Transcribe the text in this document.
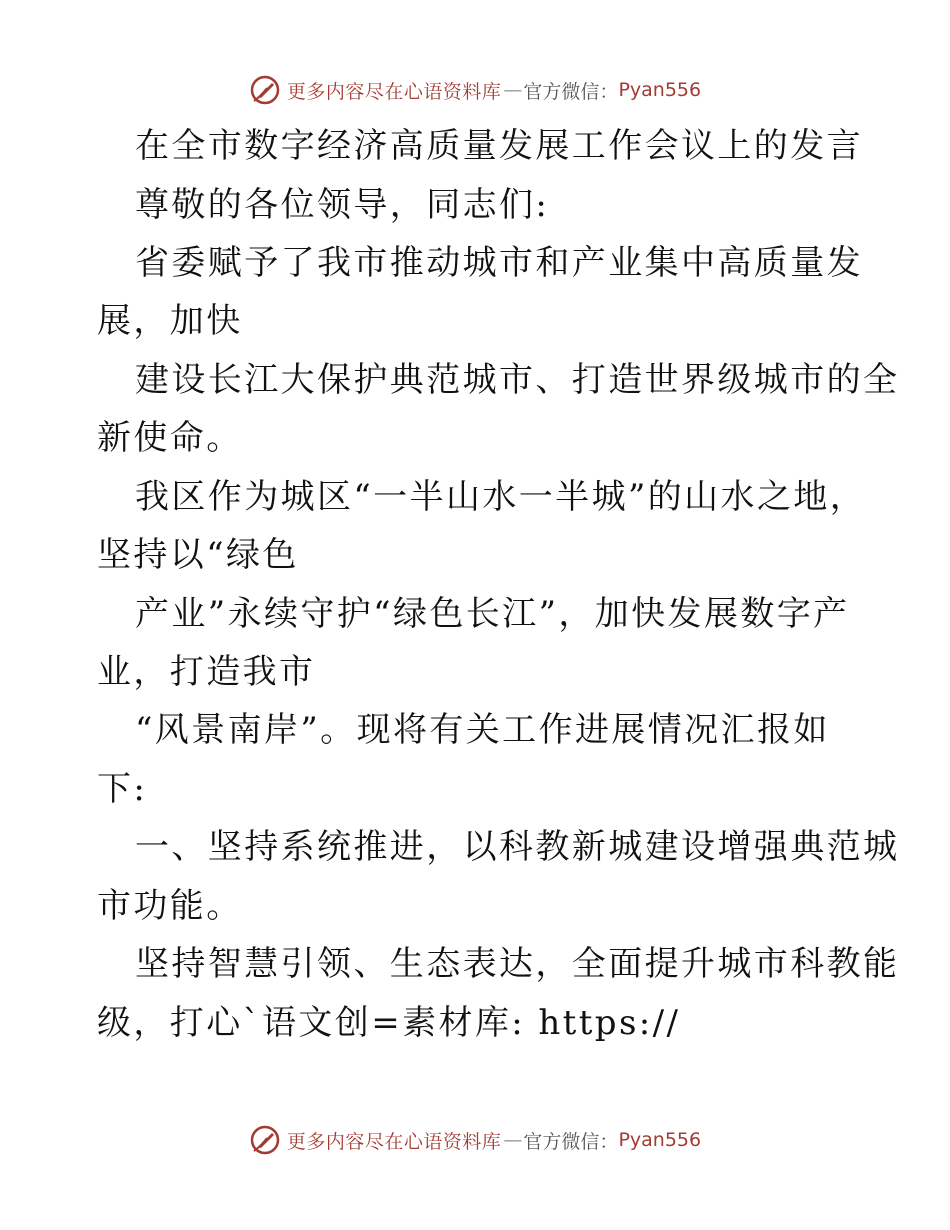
更多内容尽在心语资料库 — 官方微信： Pyan556
在全市数字经济高质量发展工作会议上的发言
尊敬的各位领导，同志们:
省委赋予了我市推动城市和产业集中高质量发
展，加快
建设长江大保护典范城市、打造世界级城市的全
新使命。
我区作为城区“一半山水一半城”的山水之地，
坚持以“绿色
产业”永续守护“绿色长江”，加快发展数字产
业，打造我市
“风景南岸”。现将有关工作进展情况汇报如
下:
一、坚持系统推进，以科教新城建设增强典范城
市功能。
坚持智慧引领、生态表达，全面提升城市科教能
级，打心`语文创=素材库: https://
更多内容尽在心语资料库 — 官方微信： Pyan556
